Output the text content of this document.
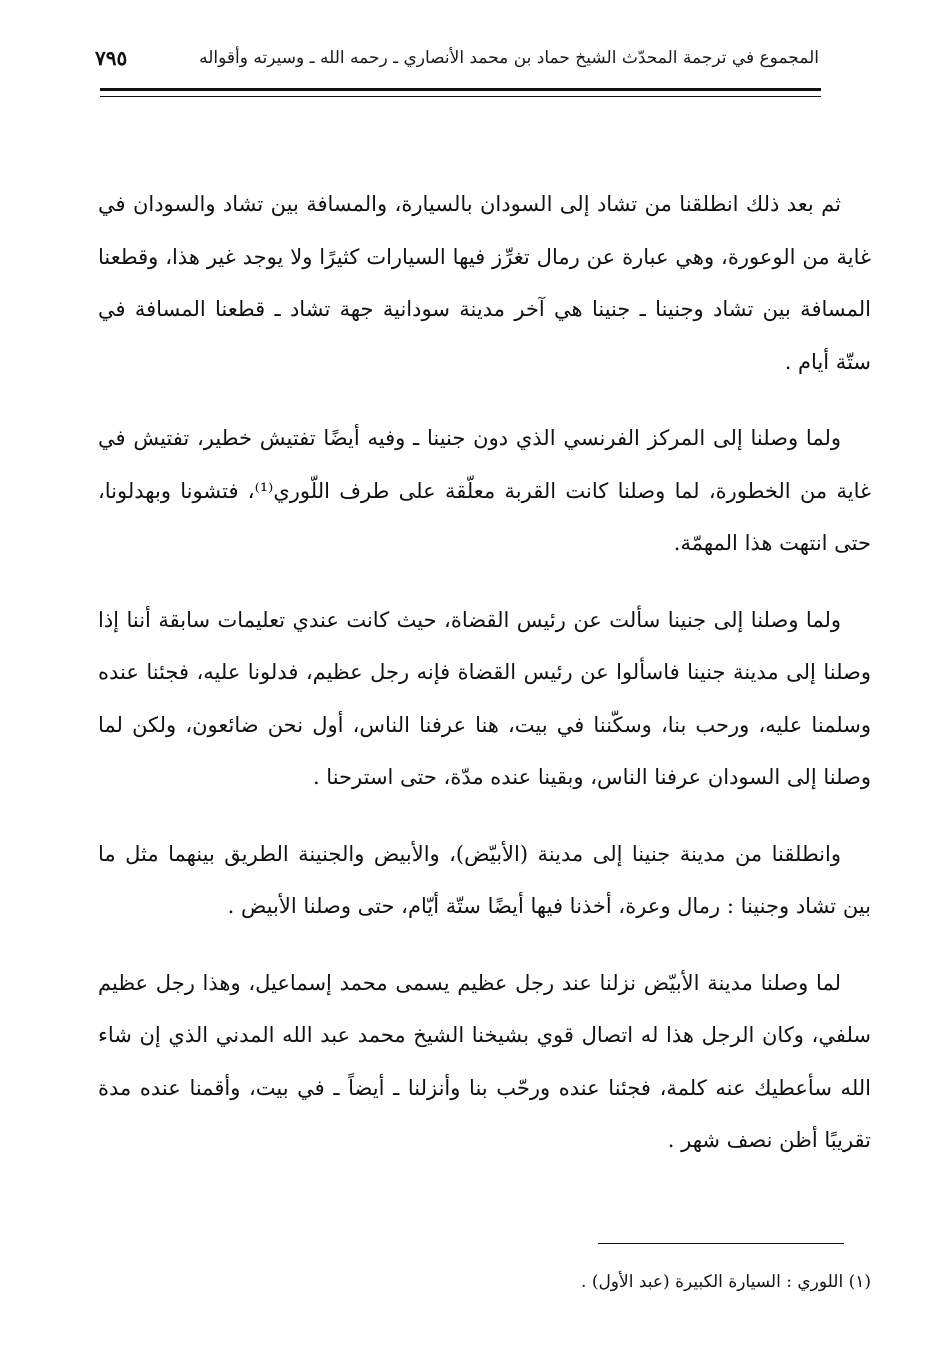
المجموع في ترجمة المحدّث الشيخ حماد بن محمد الأنصاري ـ رحمه الله ـ وسيرته وأقواله
٧٩٥

ثم بعد ذلك انطلقنا من تشاد إلى السودان بالسيارة، والمسافة بين تشاد والسودان في غاية من الوعورة، وهي عبارة عن رمال تغرِّز فيها السيارات كثيرًا ولا يوجد غير هذا، وقطعنا المسافة بين تشاد وجنينا ـ جنينا هي آخر مدينة سودانية جهة تشاد ـ قطعنا المسافة في ستّة أيام .

ولما وصلنا إلى المركز الفرنسي الذي دون جنينا ـ وفيه أيضًا تفتيش خطير، تفتيش في غاية من الخطورة، لما وصلنا كانت القربة معلّقة على طرف اللّوري⁽¹⁾، فتشونا وبهدلونا، حتى انتهت هذا المهمّة.

ولما وصلنا إلى جنينا سألت عن رئيس القضاة، حيث كانت عندي تعليمات سابقة أننا إذا وصلنا إلى مدينة جنينا فاسألوا عن رئيس القضاة فإنه رجل عظيم، فدلونا عليه، فجئنا عنده وسلمنا عليه، ورحب بنا، وسكّننا في بيت، هنا عرفنا الناس، أول نحن ضائعون، ولكن لما وصلنا إلى السودان عرفنا الناس، وبقينا عنده مدّة، حتى استرحنا .

وانطلقنا من مدينة جنينا إلى مدينة (الأبيّض)، والأبيض والجنينة الطريق بينهما مثل ما بين تشاد وجنينا : رمال وعرة، أخذنا فيها أيضًا ستّة أيّام، حتى وصلنا الأبيض .

لما وصلنا مدينة الأبيّض نزلنا عند رجل عظيم يسمى محمد إسماعيل، وهذا رجل عظيم سلفي، وكان الرجل هذا له اتصال قوي بشيخنا الشيخ محمد عبد الله المدني الذي إن شاء الله سأعطيك عنه كلمة، فجئنا عنده ورحّب بنا وأنزلنا ـ أيضاً ـ في بيت، وأقمنا عنده مدة تقريبًا أظن نصف شهر .

(١) اللوري : السيارة الكبيرة (عبد الأول) .
